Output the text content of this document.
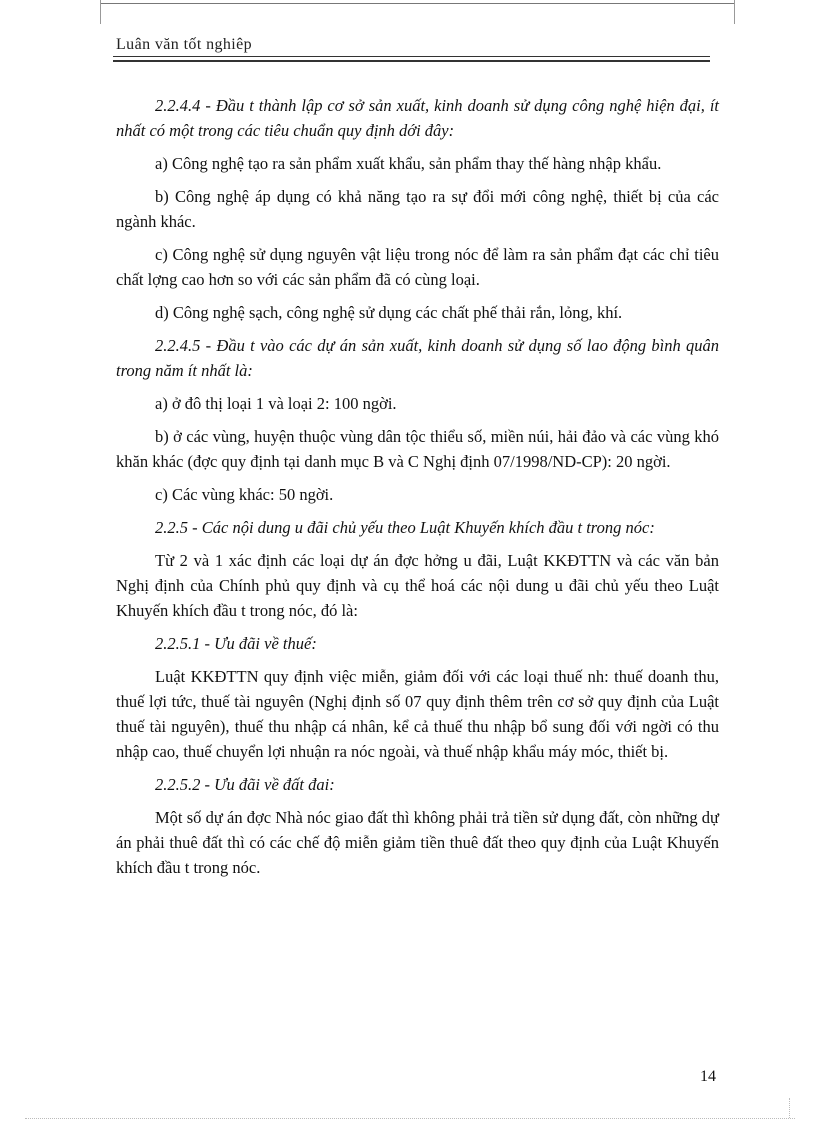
Luân văn tốt nghiêp

2.2.4.4 - Đầu t thành lập cơ sở sản xuất, kinh doanh sử dụng công nghệ hiện đại, ít nhất có một trong các tiêu chuẩn quy định dới đây:

a) Công nghệ tạo ra sản phẩm xuất khẩu, sản phẩm thay thế hàng nhập khẩu.

b) Công nghệ áp dụng có khả năng tạo ra sự đổi mới công nghệ, thiết bị của các ngành khác.

c) Công nghệ sử dụng nguyên vật liệu trong nóc để làm ra sản phẩm đạt các chỉ tiêu chất lợng cao hơn so với các sản phẩm đã có cùng loại.

d) Công nghệ sạch, công nghệ sử dụng các chất phế thải rắn, lỏng, khí.

2.2.4.5 - Đầu t vào các dự án sản xuất, kinh doanh sử dụng số lao động bình quân trong năm ít nhất là:

a) ở đô thị loại 1 và loại 2: 100 ngời.

b) ở các vùng, huyện thuộc vùng dân tộc thiểu số, miền núi, hải đảo và các vùng khó khăn khác (đợc quy định tại danh mục B và C Nghị định 07/1998/ND-CP): 20 ngời.

c) Các vùng khác: 50 ngời.

2.2.5 - Các nội dung u đãi chủ yếu theo Luật Khuyến khích đầu t trong nóc:

Từ 2 và 1 xác định các loại dự án đợc hởng u đãi, Luật KKĐTTN và các văn bản Nghị định của Chính phủ quy định và cụ thể hoá các nội dung u đãi chủ yếu theo Luật Khuyến khích đầu t trong nóc, đó là:

2.2.5.1 - Ưu đãi về thuế:

Luật KKĐTTN quy định việc miễn, giảm đối với các loại thuế nh: thuế doanh thu, thuế lợi tức, thuế tài nguyên (Nghị định số 07 quy định thêm trên cơ sở quy định của Luật thuế tài nguyên), thuế thu nhập cá nhân, kể cả thuế thu nhập bổ sung đối với ngời có thu nhập cao, thuế chuyển lợi nhuận ra nóc ngoài, và thuế nhập khẩu máy móc, thiết bị.

2.2.5.2 - Ưu đãi về đất đai:

Một số dự án đợc Nhà nóc giao đất thì không phải trả tiền sử dụng đất, còn những dự án phải thuê đất thì có các chế độ miễn giảm tiền thuê đất theo quy định của Luật Khuyến khích đầu t trong nóc.

14
